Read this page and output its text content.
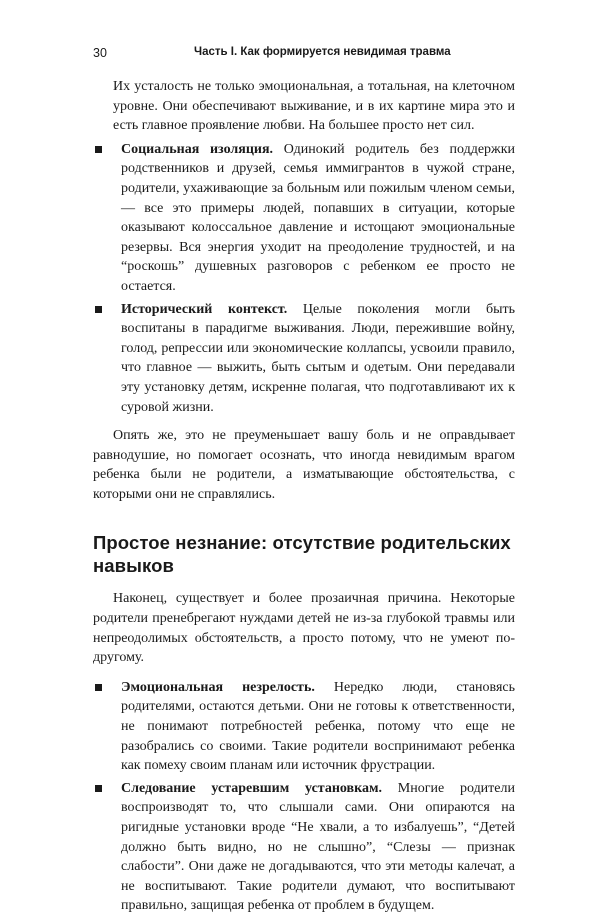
30	Часть I. Как формируется невидимая травма

Их усталость не только эмоциональная, а тотальная, на клеточном уровне. Они обеспечивают выживание, и в их картине мира это и есть главное проявление любви. На большее просто нет сил.

Социальная изоляция. Одинокий родитель без поддержки родственников и друзей, семья иммигрантов в чужой стране, родители, ухаживающие за больным или пожилым членом семьи, — все это примеры людей, попавших в ситуации, которые оказывают колоссальное давление и истощают эмоциональные резервы. Вся энергия уходит на преодоление трудностей, и на “роскошь” душевных разговоров с ребенком ее просто не остается.
Исторический контекст. Целые поколения могли быть воспитаны в парадигме выживания. Люди, пережившие войну, голод, репрессии или экономические коллапсы, усвоили правило, что главное — выжить, быть сытым и одетым. Они передавали эту установку детям, искренне полагая, что подготавливают их к суровой жизни.

Опять же, это не преуменьшает вашу боль и не оправдывает равнодушие, но помогает осознать, что иногда невидимым врагом ребенка были не родители, а изматывающие обстоятельства, с которыми они не справлялись.

Простое незнание: отсутствие родительских навыков

Наконец, существует и более прозаичная причина. Некоторые родители пренебрегают нуждами детей не из-за глубокой травмы или непреодолимых обстоятельств, а просто потому, что не умеют по-другому.

Эмоциональная незрелость. Нередко люди, становясь родителями, остаются детьми. Они не готовы к ответственности, не понимают потребностей ребенка, потому что еще не разобрались со своими. Такие родители воспринимают ребенка как помеху своим планам или источник фрустрации.
Следование устаревшим установкам. Многие родители воспроизводят то, что слышали сами. Они опираются на ригидные установки вроде “Не хвали, а то избалуешь”, “Детей должно быть видно, но не слышно”, “Слезы — признак слабости”. Они даже не догадываются, что эти методы калечат, а не воспитывают. Такие родители думают, что воспитывают правильно, защищая ребенка от проблем в будущем.
